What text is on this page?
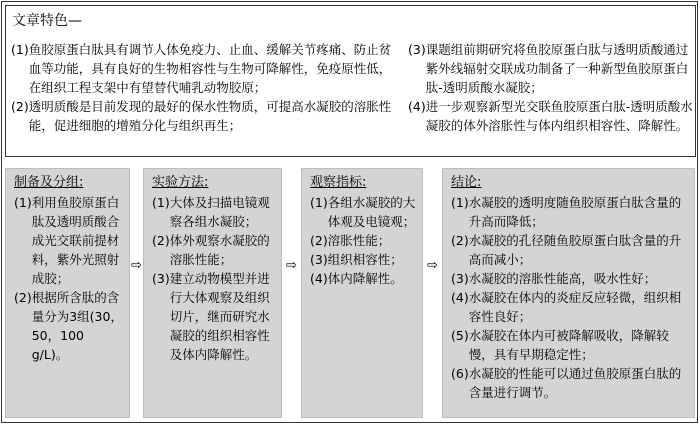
文章特色—
(1) 鱼胶原蛋白肽具有调节人体免疫力、止血、缓解关节疼痛、防止贫血等功能，具有良好的生物相容性与生物可降解性，免疫原性低，在组织工程支架中有望替代哺乳动物胶原；
(2) 透明质酸是目前发现的最好的保水性物质，可提高水凝胶的溶胀性能，促进细胞的增殖分化与组织再生；
(3) 课题组前期研究将鱼胶原蛋白肽与透明质酸通过紫外线辐射交联成功制备了一种新型鱼胶原蛋白肽-透明质酸水凝胶；
(4) 进一步观察新型光交联鱼胶原蛋白肽-透明质酸水凝胶的体外溶胀性与体内组织相容性、降解性。
制备及分组:
(1) 利用鱼胶原蛋白肽及透明质酸合成光交联前提材料，紫外光照射成胶；
(2) 根据所含肽的含量分为3组(30，50，100 g/L)。
⇨
实验方法:
(1) 大体及扫描电镜观察各组水凝胶；
(2) 体外观察水凝胶的溶胀性能；
(3) 建立动物模型并进行大体观察及组织切片，继而研究水凝胶的组织相容性及体内降解性。
⇨
观察指标:
(1) 各组水凝胶的大体观及电镜观；
(2) 溶胀性能；
(3) 组织相容性；
(4) 体内降解性。
⇨
结论:
(1) 水凝胶的透明度随鱼胶原蛋白肽含量的升高而降低；
(2) 水凝胶的孔径随鱼胶原蛋白肽含量的升高而减小；
(3) 水凝胶的溶胀性能高，吸水性好；
(4) 水凝胶在体内的炎症反应轻微，组织相容性良好；
(5) 水凝胶在体内可被降解吸收，降解较慢，具有早期稳定性；
(6) 水凝胶的性能可以通过鱼胶原蛋白肽的含量进行调节。
